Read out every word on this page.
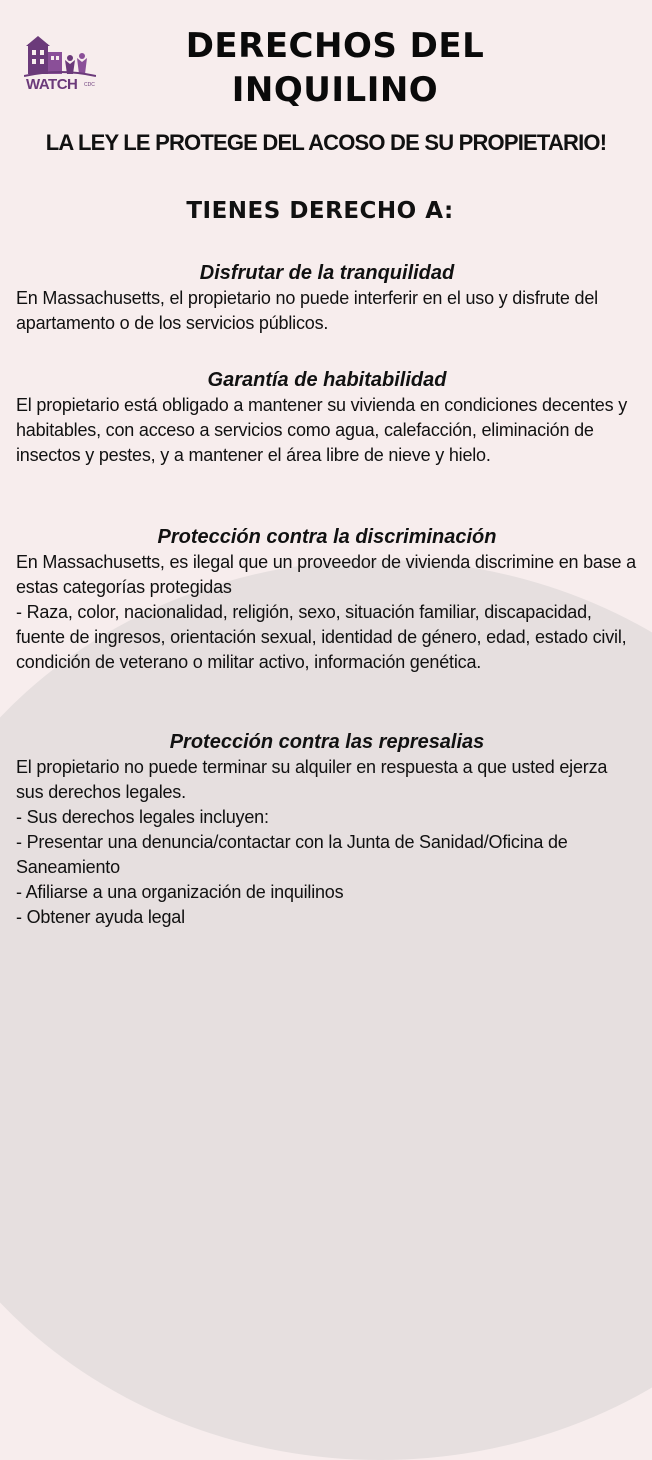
WATCH CDC
DERECHOS DEL
INQUILINO
LA LEY LE PROTEGE DEL ACOSO DE SU PROPIETARIO!
TIENES DERECHO A:
Disfrutar de la tranquilidad

En Massachusetts, el propietario no puede interferir en el uso y disfrute del apartamento o de los servicios públicos.

Garantía de habitabilidad

El propietario está obligado a mantener su vivienda en condiciones decentes y habitables, con acceso a servicios como agua, calefacción, eliminación de insectos y pestes, y a mantener el área libre de nieve y hielo.

Protección contra la discriminación

En Massachusetts, es ilegal que un proveedor de vivienda discrimine en base a estas categorías protegidas

- Raza, color, nacionalidad, religión, sexo, situación familiar, discapacidad, fuente de ingresos, orientación sexual, identidad de género, edad, estado civil, condición de veterano o militar activo, información genética.

Protección contra las represalias

El propietario no puede terminar su alquiler en respuesta a que usted ejerza sus derechos legales.

- Sus derechos legales incluyen:

- Presentar una denuncia/contactar con la Junta de Sanidad/Oficina de Saneamiento

- Afiliarse a una organización de inquilinos

- Obtener ayuda legal
